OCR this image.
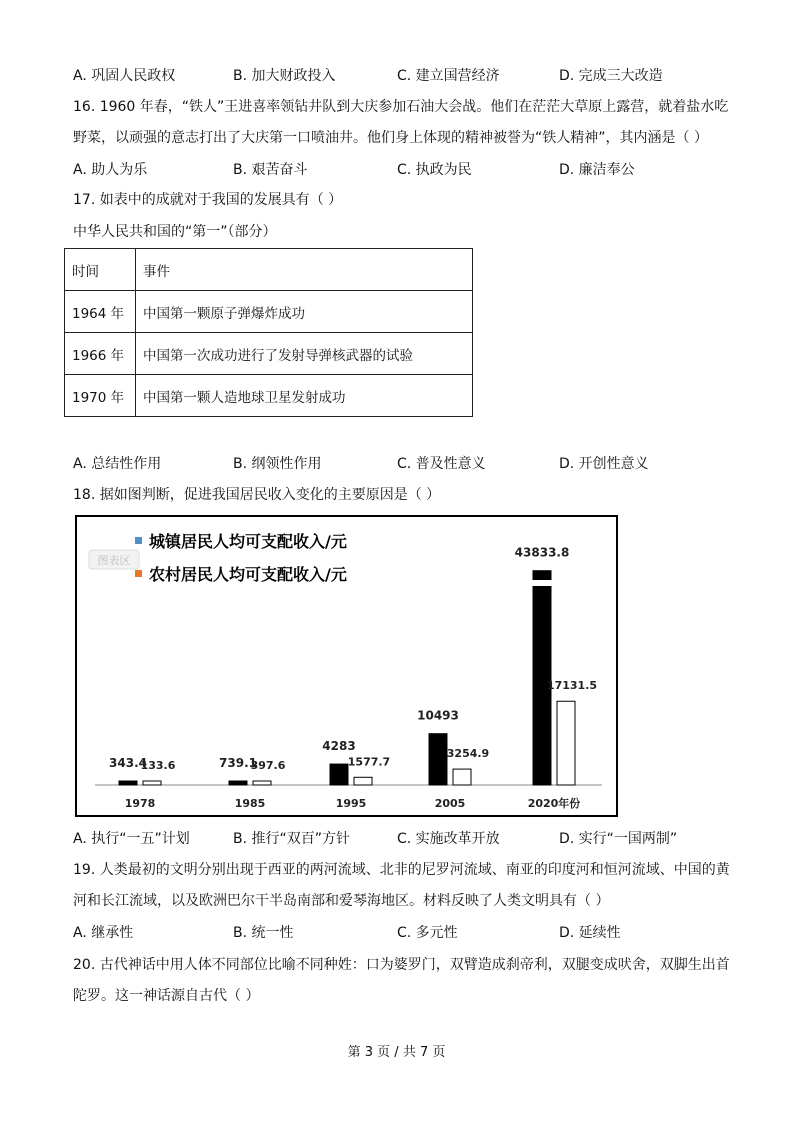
A. 巩固人民政权	B. 加大财政投入	C. 建立国营经济	D. 完成三大改造

16. 1960 年春，“铁人”王进喜率领钻井队到大庆参加石油大会战。他们在茫茫大草原上露营，就着盐水吃

野菜，以顽强的意志打出了大庆第一口喷油井。他们身上体现的精神被誉为“铁人精神”，其内涵是（ ）

A. 助人为乐	B. 艰苦奋斗	C. 执政为民	D. 廉洁奉公
17. 如表中的成就对于我国的发展具有（ ）
中华人民共和国的“第一”（部分）
时间	事件
1964 年	中国第一颗原子弹爆炸成功
1966 年	中国第一次成功进行了发射导弹核武器的试验
1970 年	中国第一颗人造地球卫星发射成功
A. 总结性作用	B. 纲领性作用	C. 普及性意义	D. 开创性意义
18. 据如图判断，促进我国居民收入变化的主要原因是（ ）
城镇居民人均可支配收入/元
农村居民人均可支配收入/元
图表区
343.4
133.6
1978
739.1
397.6
1985
4283
1577.7
1995
10493
3254.9
2005
43833.8
17131.5
2020年份
A. 执行“一五”计划	B. 推行“双百”方针	C. 实施改革开放	D. 实行“一国两制”

19. 人类最初的文明分别出现于西亚的两河流域、北非的尼罗河流域、南亚的印度河和恒河流域、中国的黄

河和长江流域，以及欧洲巴尔干半岛南部和爱琴海地区。材料反映了人类文明具有（ ）

A. 继承性	B. 统一性	C. 多元性	D. 延续性

20. 古代神话中用人体不同部位比喻不同种姓：口为婆罗门，双臂造成刹帝利，双腿变成吠舍，双脚生出首

陀罗。这一神话源自古代（ ）

第 3 页 / 共 7 页
